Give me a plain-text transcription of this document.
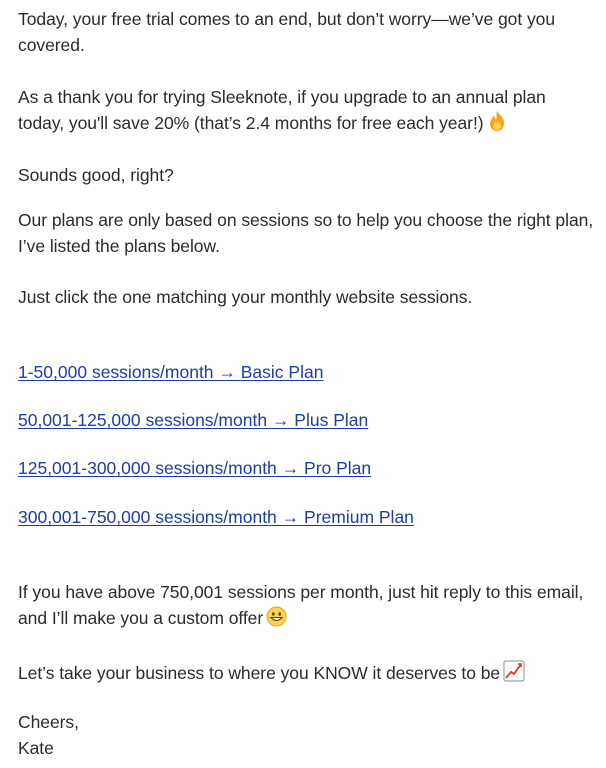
Today, your free trial comes to an end, but don’t worry—we’ve got you covered.

As a thank you for trying Sleeknote, if you upgrade to an annual plan today, you'll save 20% (that’s 2.4 months for free each year!)

Sounds good, right?

Our plans are only based on sessions so to help you choose the right plan, I’ve listed the plans below.

Just click the one matching your monthly website sessions.

1-50,000 sessions/month → Basic Plan
50,001-125,000 sessions/month → Plus Plan
125,001-300,000 sessions/month → Pro Plan
300,001-750,000 sessions/month → Premium Plan

If you have above 750,001 sessions per month, just hit reply to this email, and I’ll make you a custom offer

Let’s take your business to where you KNOW it deserves to be

Cheers,

Kate
